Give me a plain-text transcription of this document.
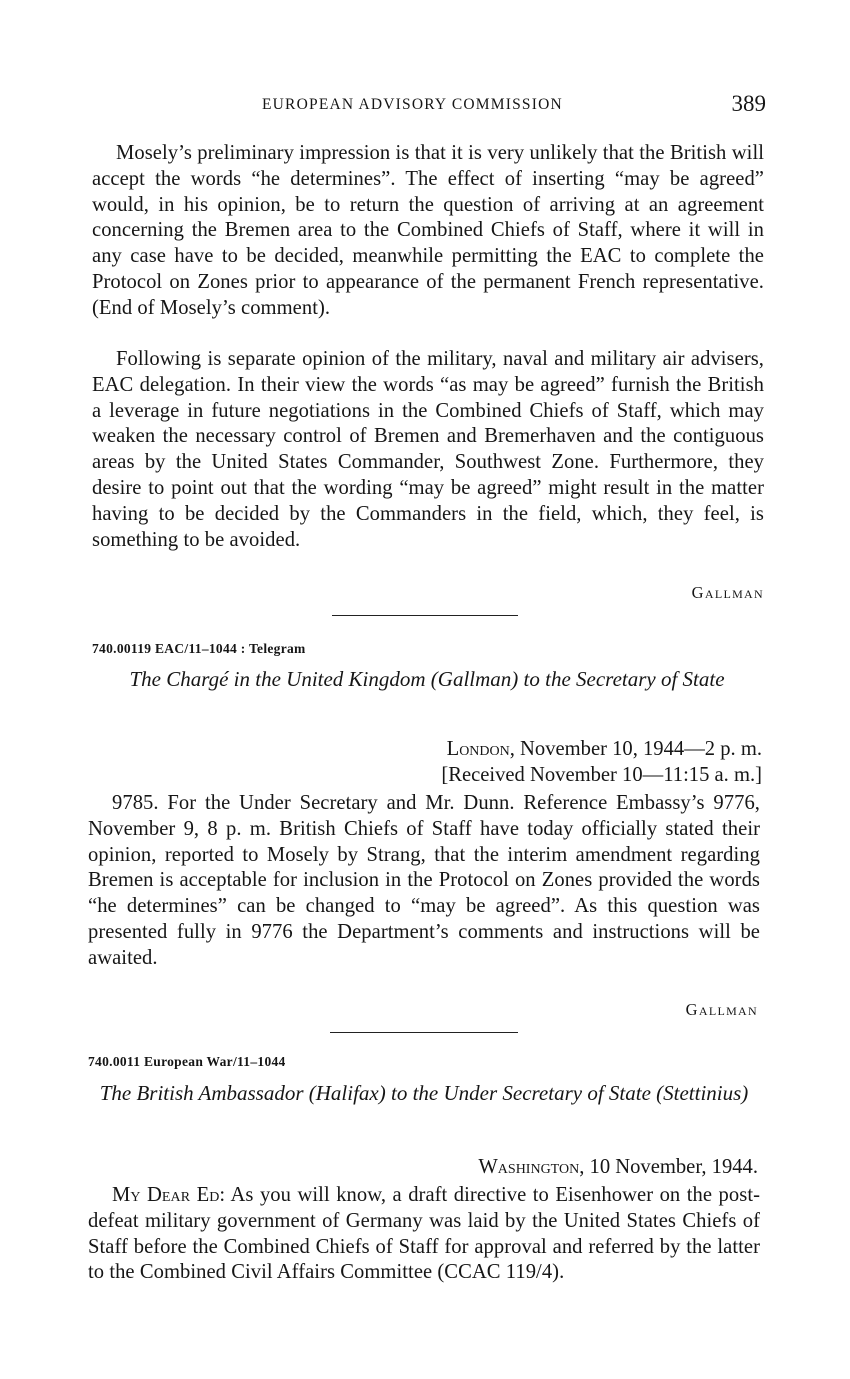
EUROPEAN ADVISORY COMMISSION	389

Mosely’s preliminary impression is that it is very unlikely that the British will accept the words “he determines”. The effect of inserting “may be agreed” would, in his opinion, be to return the question of arriving at an agreement concerning the Bremen area to the Combined Chiefs of Staff, where it will in any case have to be decided, meanwhile permitting the EAC to complete the Protocol on Zones prior to appearance of the permanent French representative. (End of Mosely’s comment).

Following is separate opinion of the military, naval and military air advisers, EAC delegation. In their view the words “as may be agreed” furnish the British a leverage in future negotiations in the Combined Chiefs of Staff, which may weaken the necessary control of Bremen and Bremerhaven and the contiguous areas by the United States Commander, Southwest Zone. Furthermore, they desire to point out that the wording “may be agreed” might result in the matter having to be decided by the Commanders in the field, which, they feel, is something to be avoided.

Gallman

740.00119 EAC/11–1044 : Telegram

The Chargé in the United Kingdom (Gallman) to the Secretary of State

London, November 10, 1944—2 p. m.

[Received November 10—11:15 a. m.]

9785. For the Under Secretary and Mr. Dunn. Reference Embassy’s 9776, November 9, 8 p. m. British Chiefs of Staff have today officially stated their opinion, reported to Mosely by Strang, that the interim amendment regarding Bremen is acceptable for inclusion in the Protocol on Zones provided the words “he determines” can be changed to “may be agreed”. As this question was presented fully in 9776 the Department’s comments and instructions will be awaited.

Gallman

740.0011 European War/11–1044

The British Ambassador (Halifax) to the Under Secretary of State (Stettinius)

Washington, 10 November, 1944.

My Dear Ed: As you will know, a draft directive to Eisenhower on the post-defeat military government of Germany was laid by the United States Chiefs of Staff before the Combined Chiefs of Staff for approval and referred by the latter to the Combined Civil Affairs Committee (CCAC 119/4).
